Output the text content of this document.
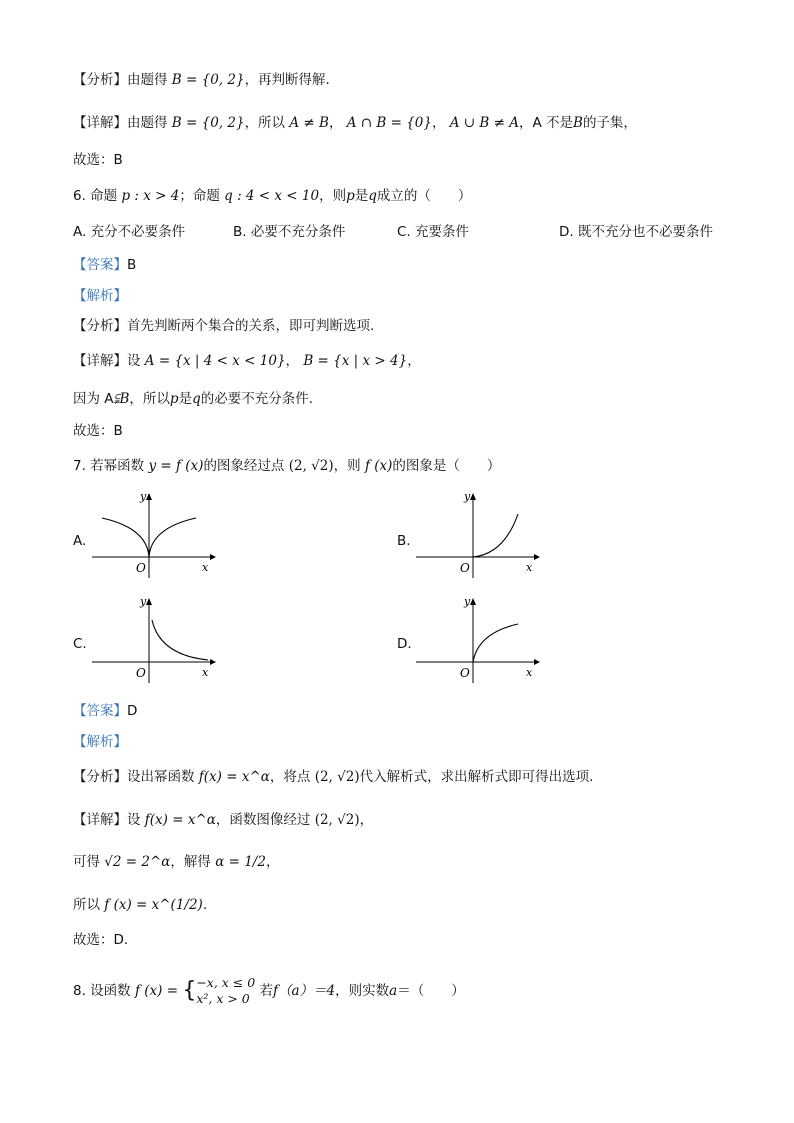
【分析】由题得 B = {0, 2}，再判断得解.
【详解】由题得 B = {0, 2}，所以 A ≠ B， A ∩ B = {0}， A ∪ B ≠ A，A 不是B的子集，
故选：B
6. 命题 p : x > 4；命题 q : 4 < x < 10，则p是q成立的（　　）
A. 充分不必要条件	B. 必要不充分条件	C. 充要条件	D. 既不充分也不必要条件
【答案】B
【解析】
【分析】首先判断两个集合的关系，即可判断选项.
【详解】设 A = {x | 4 < x < 10}， B = {x | x > 4}，
因为 A⫋B，所以p是q的必要不充分条件.
故选：B
7. 若幂函数 y = f (x)的图象经过点 (2, √2)，则 f (x)的图象是（　　）
A.
y
x
O
B.
y
x
O
C.
y
x
O
D.
y
x
O
【答案】D
【解析】
【分析】设出幂函数 f(x) = x^α，将点 (2, √2)代入解析式，求出解析式即可得出选项.
【详解】设 f(x) = x^α，函数图像经过 (2, √2)，
可得 √2 = 2^α，解得 α = 1/2，
所以 f (x) = x^(1/2).
故选：D.
8. 设函数 f (x) = { −x, x ≤ 0
x², x > 0 若f（a）＝4，则实数a＝（　　）
